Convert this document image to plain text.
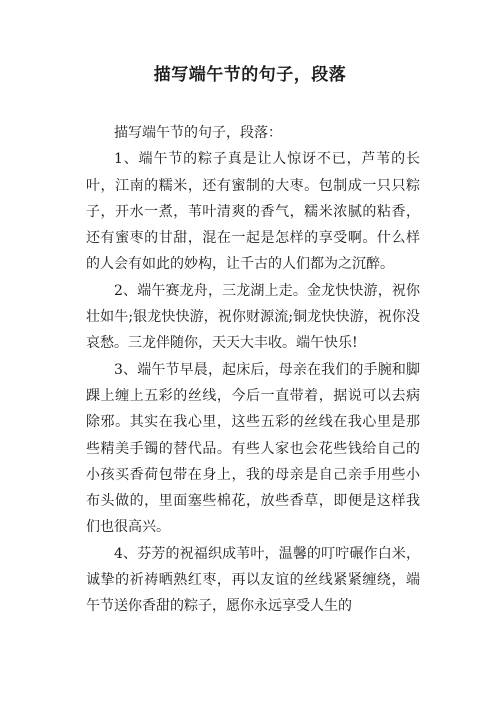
描写端午节的句子，段落

描写端午节的句子，段落：

1、端午节的粽子真是让人惊讶不已，芦苇的长叶，江南的糯米，还有蜜制的大枣。包制成一只只粽子，开水一煮，苇叶清爽的香气，糯米浓腻的粘香，还有蜜枣的甘甜，混在一起是怎样的享受啊。什么样的人会有如此的妙构，让千古的人们都为之沉醉。

2、端午赛龙舟，三龙湖上走。金龙快快游，祝你壮如牛;银龙快快游，祝你财源流;铜龙快快游，祝你没哀愁。三龙伴随你，天天大丰收。端午快乐!

3、端午节早晨，起床后，母亲在我们的手腕和脚踝上缠上五彩的丝线，今后一直带着，据说可以去病除邪。其实在我心里，这些五彩的丝线在我心里是那些精美手镯的替代品。有些人家也会花些钱给自己的小孩买香荷包带在身上，我的母亲是自己亲手用些小布头做的，里面塞些棉花，放些香草，即便是这样我们也很高兴。

4、芬芳的祝福织成苇叶，温馨的叮咛碾作白米，诚挚的祈祷晒熟红枣，再以友谊的丝线紧紧缠绕，端午节送你香甜的粽子，愿你永远享受人生的
